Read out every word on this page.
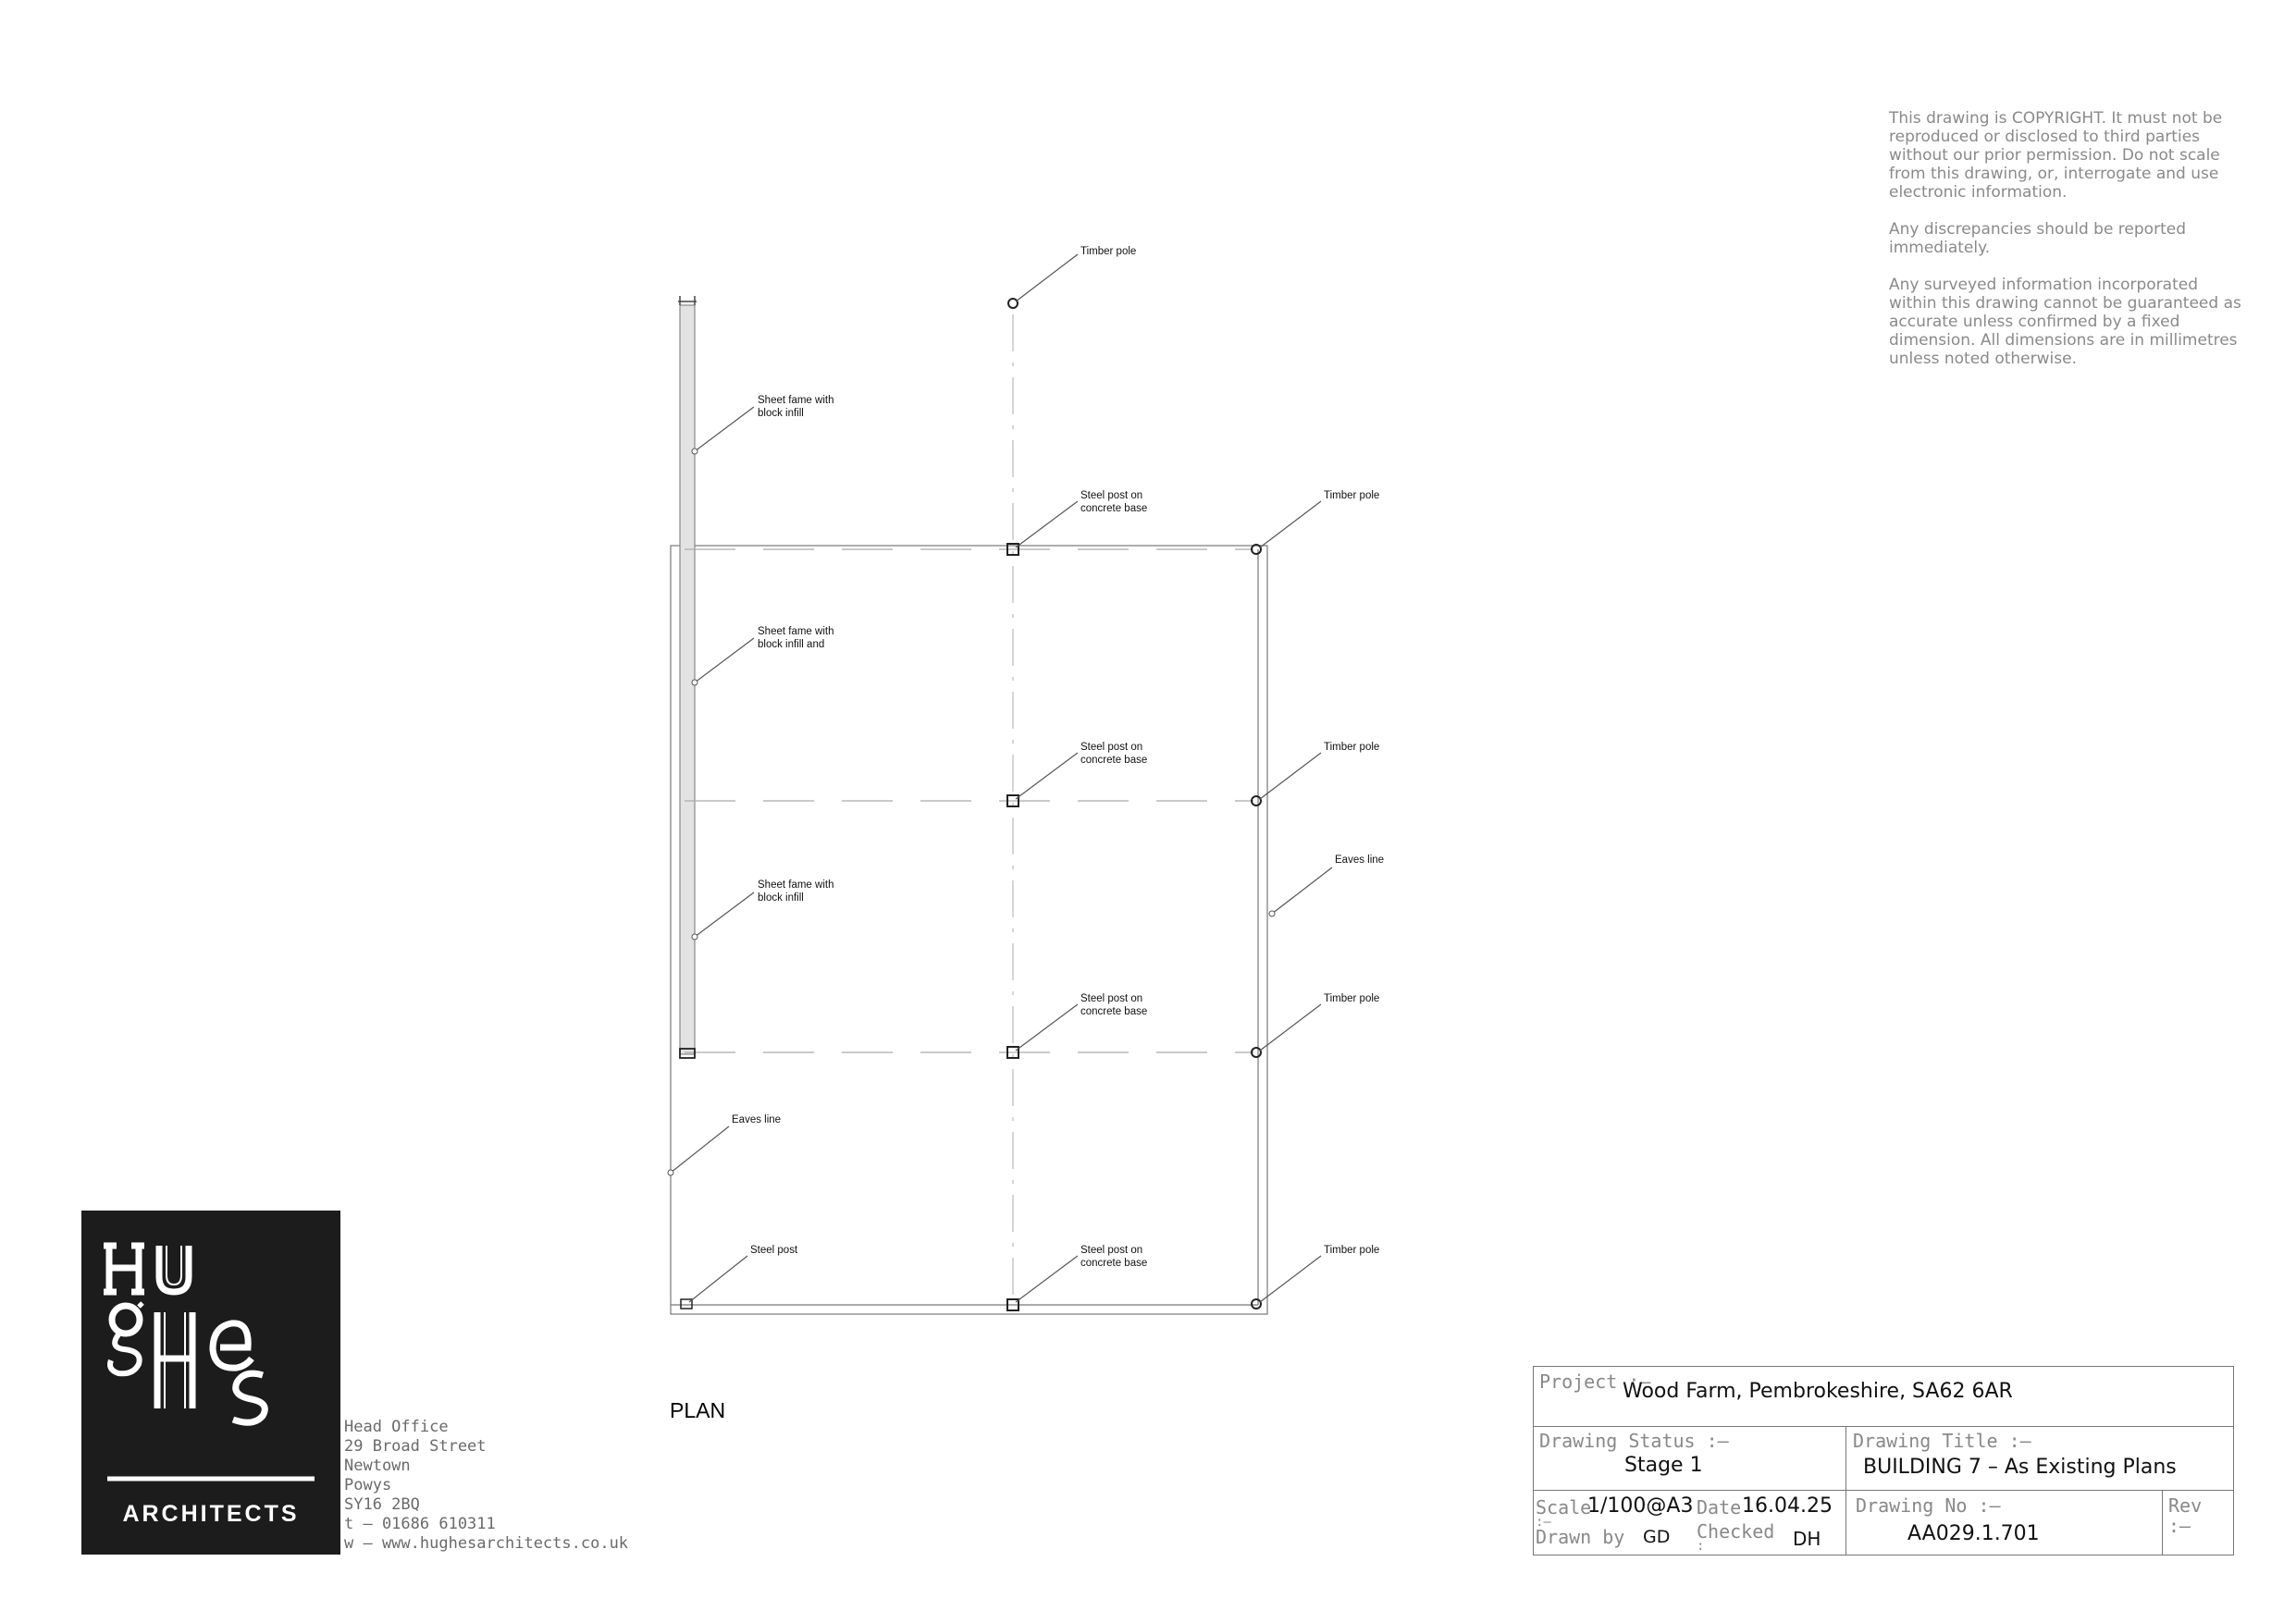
This drawing is COPYRIGHT. It must not be reproduced or disclosed to third parties without our prior permission. Do not scale from this drawing, or, interrogate and use electronic information.

Any discrepancies should be reported immediately.

Any surveyed information incorporated within this drawing cannot be guaranteed as accurate unless confirmed by a fixed dimension. All dimensions are in millimetres unless noted otherwise.

Timber pole
Sheet fame with
block infill
Steel post on
concrete base
Timber pole
Sheet fame with
block infill and
Steel post on
concrete base
Timber pole
Eaves line
Sheet fame with
block infill
Steel post on
concrete base
Timber pole
Eaves line
Steel post	Steel post on
concrete base
Timber pole
PLAN
ARCHITECTS
Head Office
29 Broad Street
Newtown
Powys
SY16 2BQ
t – 01686 610311
w – www.hughesarchitects.co.uk
Project :–
Wood Farm, Pembrokeshire, SA62 6AR
Drawing Status :–
Stage 1
Drawing Title :–
BUILDING 7 – As Existing Plans
Scale
:–
1/100@A3 Date 16.04.25
Drawn by GD Checked
:	DH
Drawing No :–
AA029.1.701
Rev
:–
